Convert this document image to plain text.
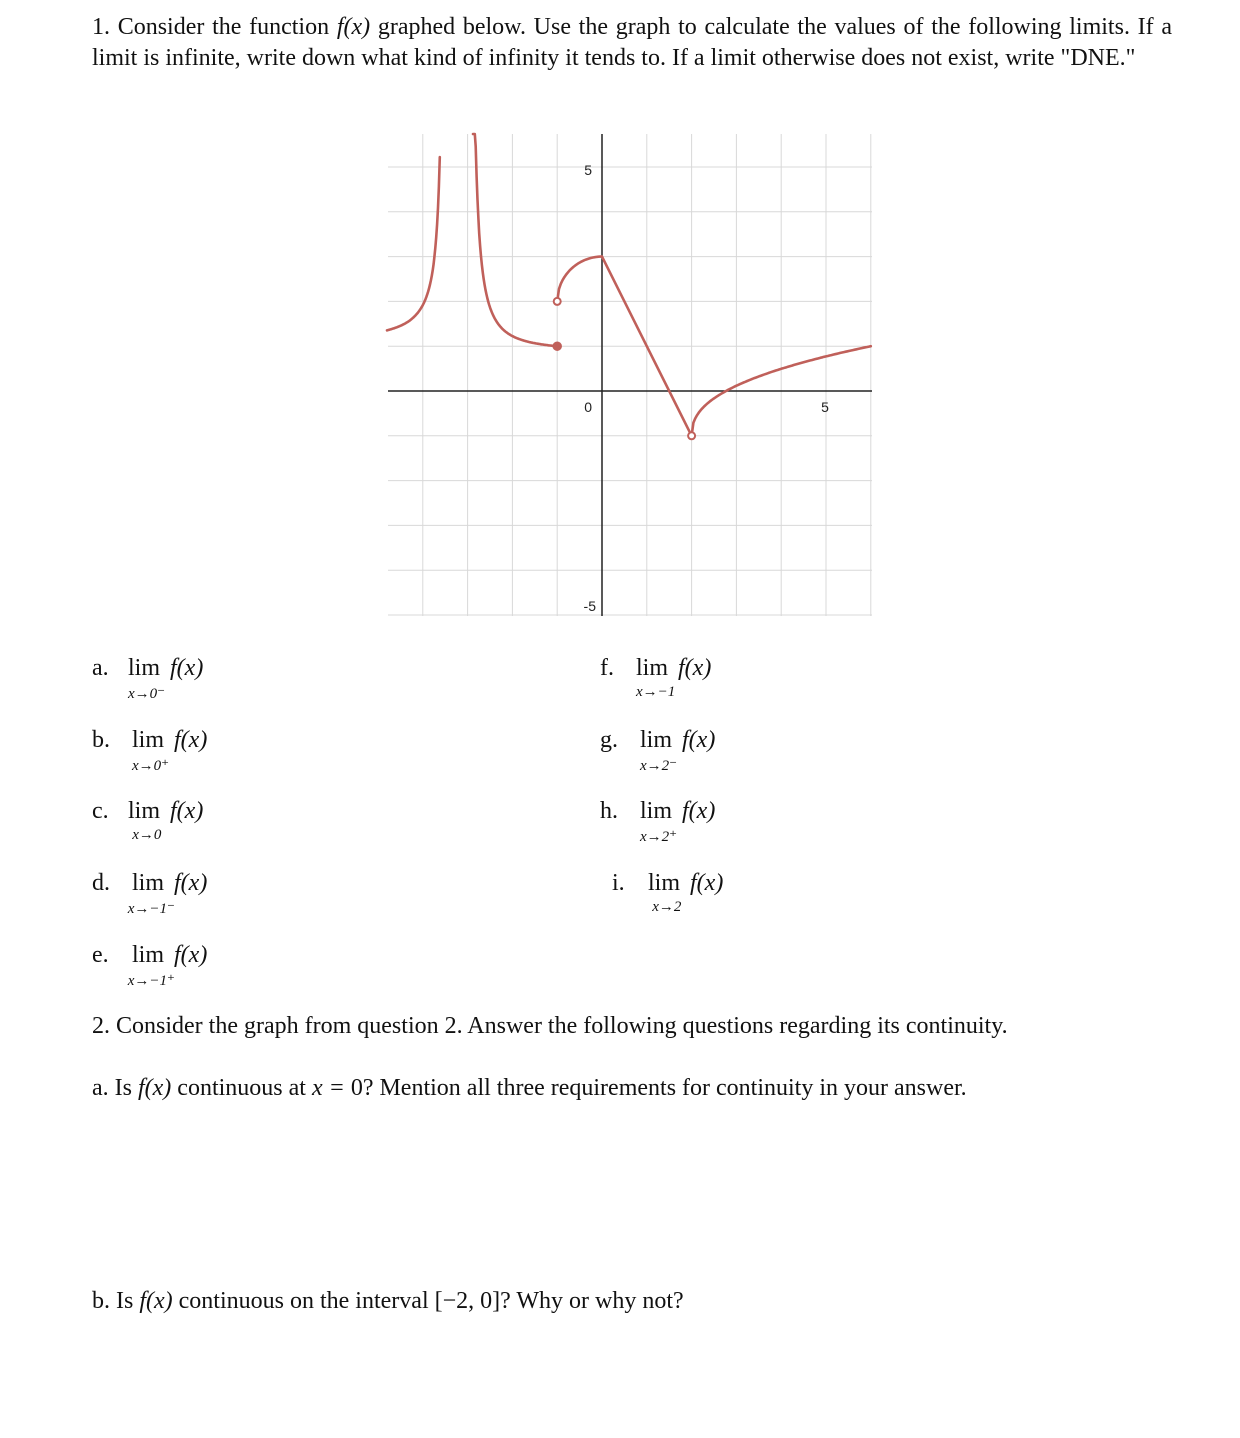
1. Consider the function f(x) graphed below. Use the graph to calculate the values of the following limits. If a limit is infinite, write down what kind of infinity it tends to. If a limit otherwise does not exist, write "DNE."
5
-5
0	5
a. lim
x→0⁻
f(x)
b. lim
x→0⁺
f(x)
c. lim
x→0
f(x)
d. lim
x→−1⁻
f(x)
e. lim
x→−1⁺
f(x)
f. lim
x→−1
f(x)
g. lim
x→2⁻
f(x)
h. lim
x→2⁺
f(x)
i. lim
x→2
f(x)
2. Consider the graph from question 2. Answer the following questions regarding its continuity.
a. Is f(x) continuous at x = 0? Mention all three requirements for continuity in your answer.
b. Is f(x) continuous on the interval [−2, 0]? Why or why not?
